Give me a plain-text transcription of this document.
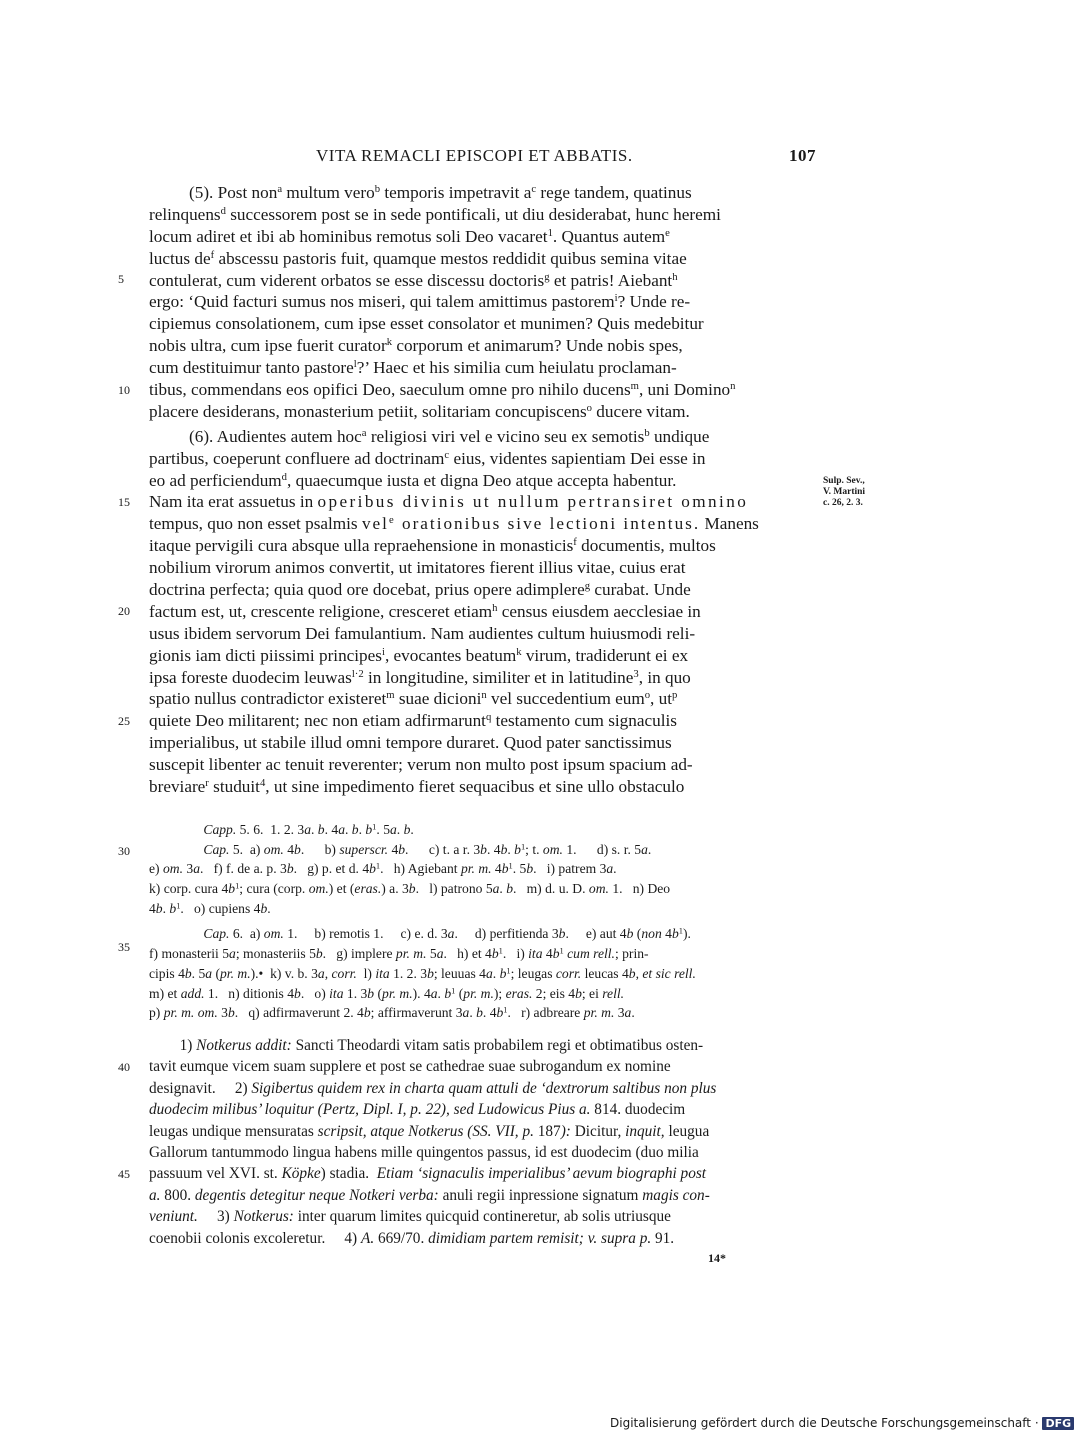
VITA REMACLI EPISCOPI ET ABBATIS.	107
(5). Post non$^a$ multum vero$^b$ temporis impetravit $a^c$ rege tandem, quatinus
relinquens$^d$ successorem post se in sede pontificali, ut diu desiderabat, hunc heremi
locum adiret et ibi ab hominibus remotus soli Deo vacaret$^1$. Quantus autem$^e$
luctus $de^f$ abscessu pastoris fuit, quamque mestos reddidit quibus semina vitae
contulerat, cum viderent orbatos se esse discessu doctoris$^g$ et patris! Aiebant$^h$
ergo: ‘Quid facturi sumus nos miseri, qui talem amittimus pastorem$^i$? Unde re-
cipiemus consolationem, cum ipse esset consolator et munimen? Quis medebitur
nobis ultra, cum ipse fuerit curator$^k$ corporum et animarum? Unde nobis spes,
cum destituimur tanto pastore$^l$?’ Haec et his similia cum heiulatu proclaman-
tibus, commendans eos opifici Deo, saeculum omne pro nihilo ducens$^m$, uni Domino$^n$
placere desiderans, monasterium petiit, solitariam concupiscens$^o$ ducere vitam.
(6). Audientes autem hoc$^a$ religiosi viri vel e vicino seu ex semotis$^b$ undique
partibus, coeperunt confluere ad doctrinam$^c$ eius, videntes sapientiam Dei esse in
eo ad perficiendum$^d$, quaecumque iusta et digna Deo atque accepta habentur.
Nam ita erat assuetus in operibus divinis ut nullum pertransiret omnino
tempus, quo non esset psalmis vel$^e$ orationibus sive lectioni intentus. Manens
itaque pervigili cura absque ulla repraehensione in monasticis$^f$ documentis, multos
nobilium virorum animos convertit, ut imitatores fierent illius vitae, cuius erat
doctrina perfecta; quia quod ore docebat, prius opere adimplere$^g$ curabat. Unde
factum est, ut, crescente religione, cresceret etiam$^h$ census eiusdem aecclesiae in
usus ibidem servorum Dei famulantium. Nam audientes cultum huiusmodi reli-
gionis iam dicti piissimi principes$^i$, evocantes beatum$^k$ virum, tradiderunt ei ex
ipsa foreste duodecim leuwas$^{l\cdot 2}$ in longitudine, similiter et in latitudine$^3$, in quo
spatio nullus contradictor existeret$^m$ suae dicioni$^n$ vel succedentium eum$^o$, $ut^p$
quiete Deo militarent; nec non etiam adfirmarunt$^q$ testamento cum signaculis
imperialibus, ut stabile illud omni tempore duraret. Quod pater sanctissimus
suscepit libenter ac tenuit reverenter; verum non multo post ipsum spacium ad-
breviare$^r$ studuit$^4$, ut sine impedimento fieret sequacibus et sine ullo obstaculo
5
10
15
20
25
Sulp. Sev.,
V. Martini
c. 26, 2. 3.
    Capp. 5. 6.  1. 2. 3a. b. 4a. b. $b^1$. 5a. b.
    Cap. 5.  a) om. 4b.   b) superscr. 4b.   c) t. a r. 3b. 4b. $b^1$; t. om. 1.   d) s. r. 5a.
e) om. 3a.   f) f. de a. p. 3b.   g) p. et d. $4b^1$.   h) Agiebant pr. m. $4b^1$. 5b.   i) patrem 3a.
k) corp. cura $4b^1$; cura (corp. om.) et (eras.) a. 3b.   l) patrono 5a. b.   m) d. u. D. om. 1.   n) Deo
4b. $b^1$.   o) cupiens 4b.
    Cap. 6.  a) om. 1.  b) remotis 1.  c) e. d. 3a.  d) perfitienda 3b.  e) aut 4b (non $4b^1$).
f) monasterii 5a; monasteriis 5b.   g) implere pr. m. 5a.   h) et $4b^1$.   i) ita $4b^1$ cum rell.; prin-
cipis 4b. 5a (pr. m.).•  k) v. b. 3a, corr.  l) ita 1. 2. 3b; leuuas 4a. $b^1$; leugas corr. leucas 4b, et sic rell.
m) et add. 1.   n) ditionis 4b.   o) ita 1. 3b (pr. m.). 4a. $b^1$ (pr. m.); eras. 2; eis 4b; ei rell.
p) pr. m. om. 3b.   q) adfirmaverunt 2. 4b; affirmaverunt 3a. b. $4b^1$.   r) adbreare pr. m. 3a.
30
35
  1) Notkerus addit: Sancti Theodardi vitam satis probabilem regi et obtimatibus osten-
tavit eumque vicem suam supplere et post se cathedrae suae subrogandum ex nomine
designavit.  2) Sigibertus quidem rex in charta quam attuli de ‘dextrorum saltibus non plus
duodecim milibus’ loquitur (Pertz, Dipl. I, p. 22), sed Ludowicus Pius a. 814. duodecim
leugas undique mensuratas scripsit, atque Notkerus (SS. VII, p. 187): Dicitur, inquit, leugua
Gallorum tantummodo lingua habens mille quingentos passus, id est duodecim (duo milia
passuum vel XVI. st. Köpke) stadia.  Etiam ‘signaculis imperialibus’ aevum biographi post
a. 800. degentis detegitur neque Notkeri verba: anuli regii inpressione signatum magis con-
veniunt.  3) Notkerus: inter quarum limites quicquid contineretur, ab solis utriusque
coenobii colonis excoleretur.  4) A. 669/70. dimidiam partem remisit; v. supra p. 91.
40
45
14*
Digitalisierung gefördert durch die Deutsche Forschungsgemeinschaft · DFG
